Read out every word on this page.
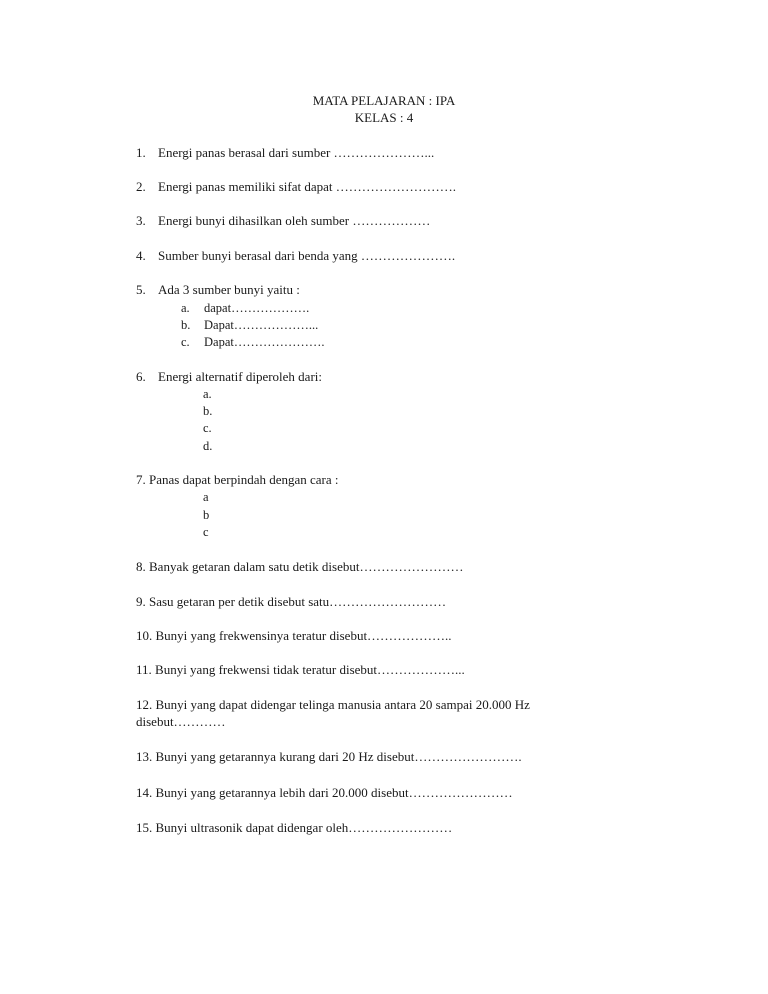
MATA PELAJARAN : IPA
KELAS : 4
1. Energi panas berasal dari sumber …………………...
2. Energi panas memiliki sifat dapat ……………………….
3. Energi bunyi dihasilkan oleh sumber ………………
4. Sumber bunyi berasal dari benda yang ………………….
5. Ada 3 sumber bunyi yaitu :
a. dapat……………….
b. Dapat………………...
c. Dapat………………….
6. Energi alternatif diperoleh dari:
a.
b.
c.
d.
7. Panas dapat berpindah dengan cara :
a
b
c
8. Banyak getaran dalam satu detik disebut……………………
9. Sasu getaran per detik disebut satu………………………
10. Bunyi yang frekwensinya teratur disebut………………..
11. Bunyi yang frekwensi tidak teratur disebut………………...
12. Bunyi yang dapat didengar telinga manusia antara 20 sampai 20.000 Hz
disebut…………
13. Bunyi yang getarannya kurang dari 20 Hz disebut…………………….
14. Bunyi yang getarannya lebih dari 20.000 disebut……………………
15. Bunyi ultrasonik dapat didengar oleh……………………
